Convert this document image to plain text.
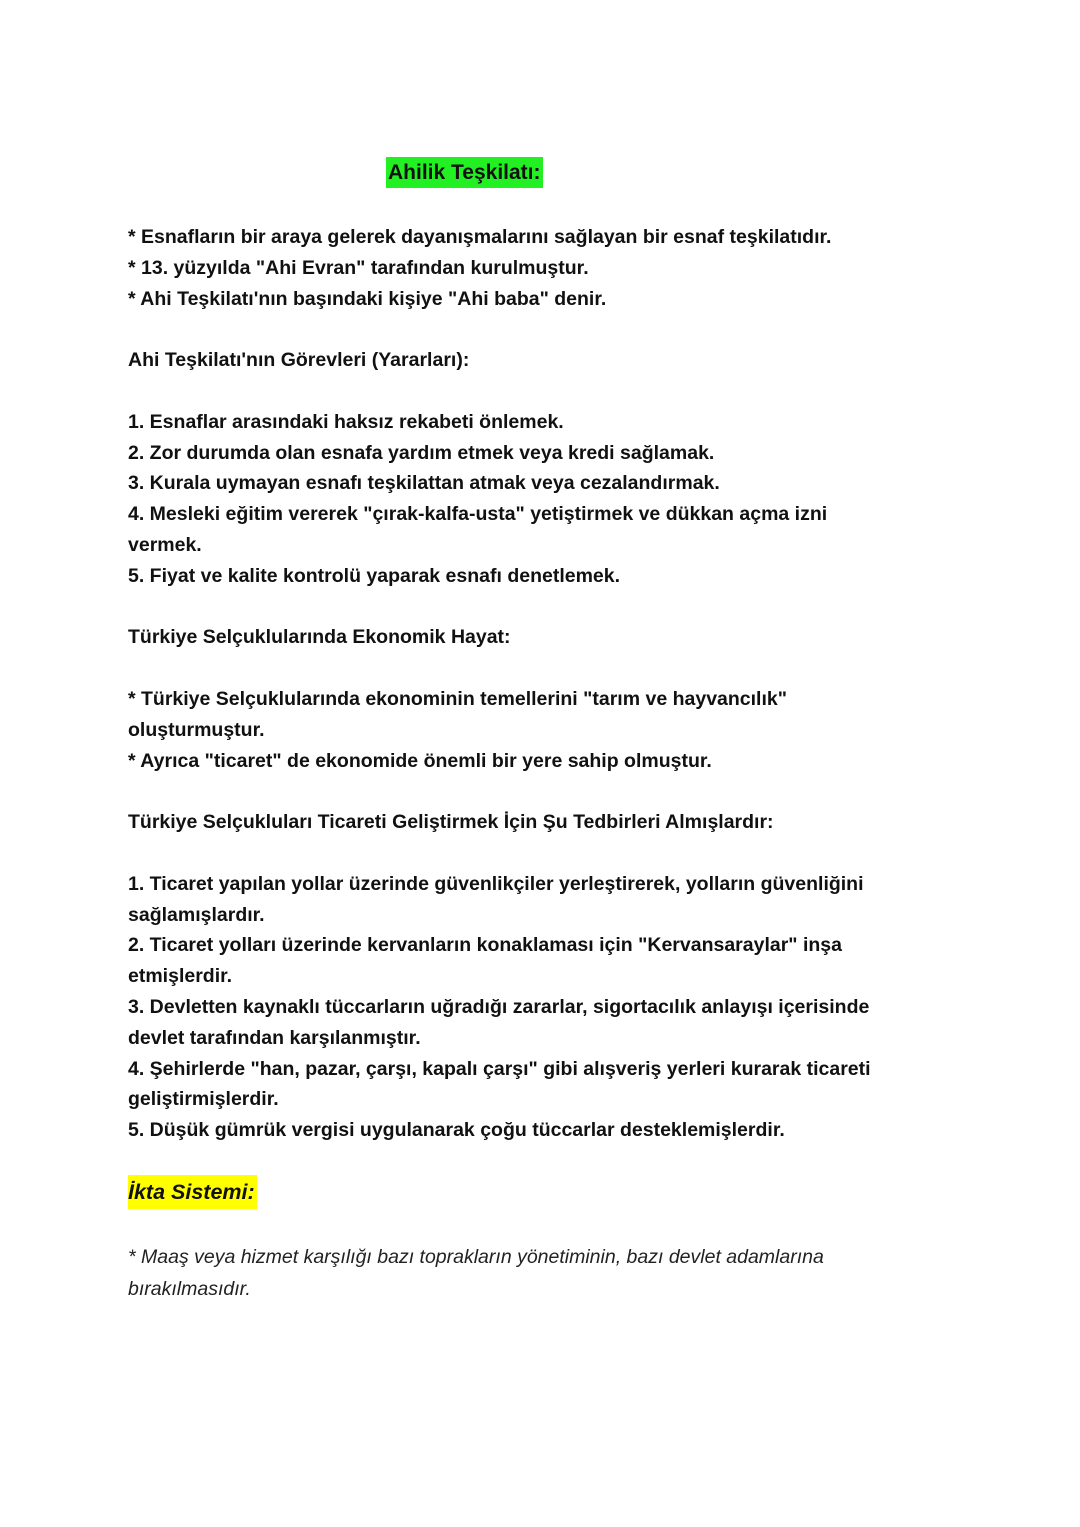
Ahilik Teşkilatı:
* Esnafların bir araya gelerek dayanışmalarını sağlayan bir esnaf teşkilatıdır.
* 13. yüzyılda "Ahi Evran" tarafından kurulmuştur.
* Ahi Teşkilatı'nın başındaki kişiye "Ahi baba" denir.
Ahi Teşkilatı'nın Görevleri (Yararları):
1. Esnaflar arasındaki haksız rekabeti önlemek.
2. Zor durumda olan esnafa yardım etmek veya kredi sağlamak.
3. Kurala uymayan esnafı teşkilattan atmak veya cezalandırmak.
4. Mesleki eğitim vererek "çırak-kalfa-usta" yetiştirmek ve dükkan açma izni
vermek.
5. Fiyat ve kalite kontrolü yaparak esnafı denetlemek.
Türkiye Selçuklularında Ekonomik Hayat:
* Türkiye Selçuklularında ekonominin temellerini "tarım ve hayvancılık"
oluşturmuştur.
* Ayrıca "ticaret" de ekonomide önemli bir yere sahip olmuştur.
Türkiye Selçukluları Ticareti Geliştirmek İçin Şu Tedbirleri Almışlardır:
1. Ticaret yapılan yollar üzerinde güvenlikçiler yerleştirerek, yolların güvenliğini
sağlamışlardır.
2. Ticaret yolları üzerinde kervanların konaklaması için "Kervansaraylar" inşa
etmişlerdir.
3. Devletten kaynaklı tüccarların uğradığı zararlar, sigortacılık anlayışı içerisinde
devlet tarafından karşılanmıştır.
4. Şehirlerde "han, pazar, çarşı, kapalı çarşı" gibi alışveriş yerleri kurarak ticareti
geliştirmişlerdir.
5. Düşük gümrük vergisi uygulanarak çoğu tüccarlar desteklemişlerdir.
İkta Sistemi:
* Maaş veya hizmet karşılığı bazı toprakların yönetiminin, bazı devlet adamlarına
bırakılmasıdır.
